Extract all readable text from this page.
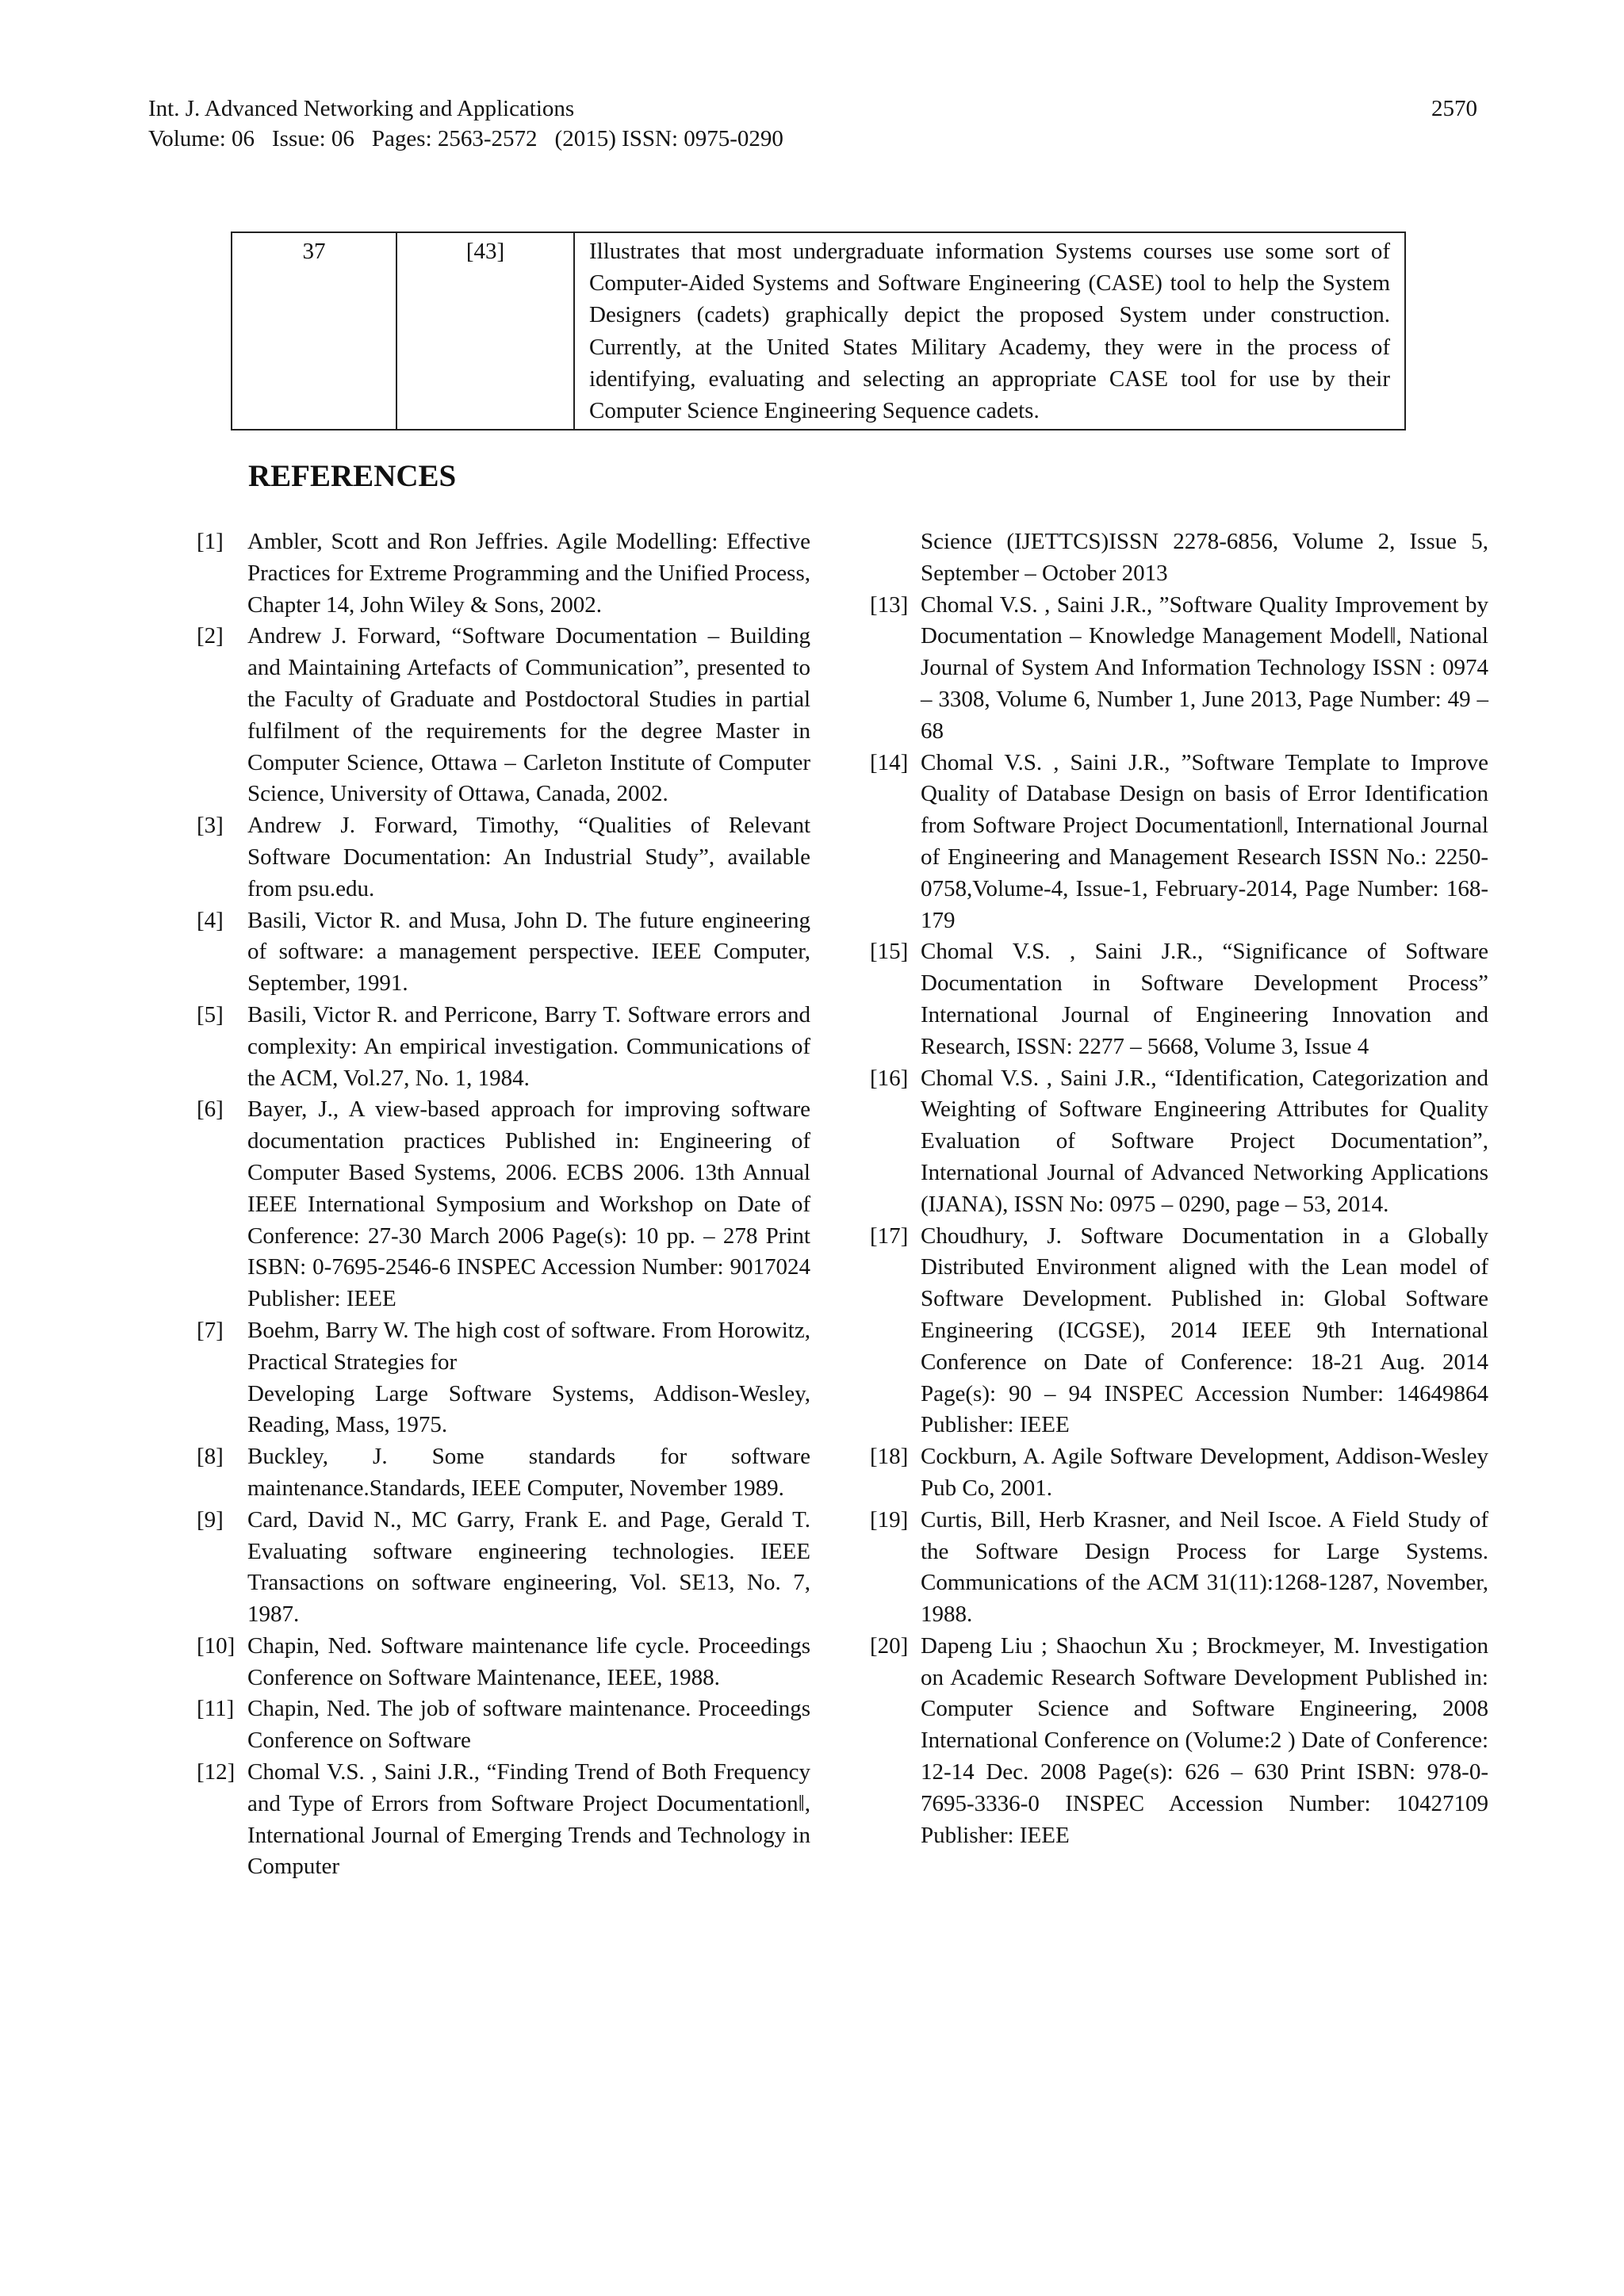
Int. J. Advanced Networking and Applications	2570
Volume: 06 Issue: 06 Pages: 2563-2572 (2015) ISSN: 0975-0290
37	[43]	Illustrates that most undergraduate information Systems courses use some sort of Computer-Aided Systems and Software Engineering (CASE) tool to help the System Designers (cadets) graphically depict the proposed System under construction. Currently, at the United States Military Academy, they were in the process of identifying, evaluating and selecting an appropriate CASE tool for use by their Computer Science Engineering Sequence cadets.
REFERENCES
[1]	Ambler, Scott and Ron Jeffries. Agile Modelling: Effective Practices for Extreme Programming and the Unified Process, Chapter 14, John Wiley & Sons, 2002.
[2]	Andrew J. Forward, “Software Documentation – Building and Maintaining Artefacts of Communication”, presented to the Faculty of Graduate and Postdoctoral Studies in partial fulfilment of the requirements for the degree Master in Computer Science, Ottawa – Carleton Institute of Computer Science, University of Ottawa, Canada, 2002.
[3]	Andrew J. Forward, Timothy, “Qualities of Relevant Software Documentation: An Industrial Study”, available from psu.edu.
[4]	Basili, Victor R. and Musa, John D. The future engineering of software: a management perspective. IEEE Computer, September, 1991.
[5]	Basili, Victor R. and Perricone, Barry T. Software errors and complexity: An empirical investigation. Communications of the ACM, Vol.27, No. 1, 1984.
[6]	Bayer, J., A view-based approach for improving software documentation practices Published in: Engineering of Computer Based Systems, 2006. ECBS 2006. 13th Annual IEEE International Symposium and Workshop on Date of Conference: 27-30 March 2006 Page(s): 10 pp. – 278 Print ISBN: 0-7695-2546-6 INSPEC Accession Number: 9017024 Publisher: IEEE
[7]	Boehm, Barry W. The high cost of software. From Horowitz, Practical Strategies for
Developing Large Software Systems, Addison-Wesley, Reading, Mass, 1975.
[8]	Buckley, J. Some standards for software maintenance.Standards, IEEE Computer, November 1989.
[9]	Card, David N., MC Garry, Frank E. and Page, Gerald T. Evaluating software engineering technologies. IEEE Transactions on software engineering, Vol. SE13, No. 7, 1987.
[10] Chapin, Ned. Software maintenance life cycle. Proceedings Conference on Software Maintenance, IEEE, 1988.
[11] Chapin, Ned. The job of software maintenance. Proceedings Conference on Software
[12] Chomal V.S. , Saini J.R., “Finding Trend of Both Frequency and Type of Errors from Software Project Documentation‖, International Journal of Emerging Trends and Technology in Computer
Science (IJETTCS)ISSN 2278-6856, Volume 2, Issue 5, September – October 2013
[13] Chomal V.S. , Saini J.R., ”Software Quality Improvement by Documentation – Knowledge Management Model‖, National Journal of System And Information Technology ISSN : 0974 – 3308, Volume 6, Number 1, June 2013, Page Number: 49 – 68
[14] Chomal V.S. , Saini J.R., ”Software Template to Improve Quality of Database Design on basis of Error Identification from Software Project Documentation‖, International Journal of Engineering and Management Research ISSN No.: 2250-0758,Volume-4, Issue-1, February-2014, Page Number: 168-179
[15] Chomal V.S. , Saini J.R., “Significance of Software Documentation in Software Development Process” International Journal of Engineering Innovation and Research, ISSN: 2277 – 5668, Volume 3, Issue 4
[16] Chomal V.S. , Saini J.R., “Identification, Categorization and Weighting of Software Engineering Attributes for Quality Evaluation of Software Project Documentation”, International Journal of Advanced Networking Applications (IJANA), ISSN No: 0975 – 0290, page – 53, 2014.
[17] Choudhury, J. Software Documentation in a Globally Distributed Environment aligned with the Lean model of Software Development. Published in: Global Software Engineering (ICGSE), 2014 IEEE 9th International Conference on Date of Conference: 18-21 Aug. 2014 Page(s): 90 – 94 INSPEC Accession Number: 14649864 Publisher: IEEE
[18] Cockburn, A. Agile Software Development, Addison-Wesley Pub Co, 2001.
[19] Curtis, Bill, Herb Krasner, and Neil Iscoe. A Field Study of the Software Design Process for Large Systems. Communications of the ACM 31(11):1268-1287, November, 1988.
[20] Dapeng Liu ; Shaochun Xu ; Brockmeyer, M. Investigation on Academic Research Software Development Published in: Computer Science and Software Engineering, 2008 International Conference on (Volume:2 ) Date of Conference: 12-14 Dec. 2008 Page(s): 626 – 630 Print ISBN: 978-0-7695-3336-0 INSPEC Accession Number: 10427109 Publisher: IEEE
